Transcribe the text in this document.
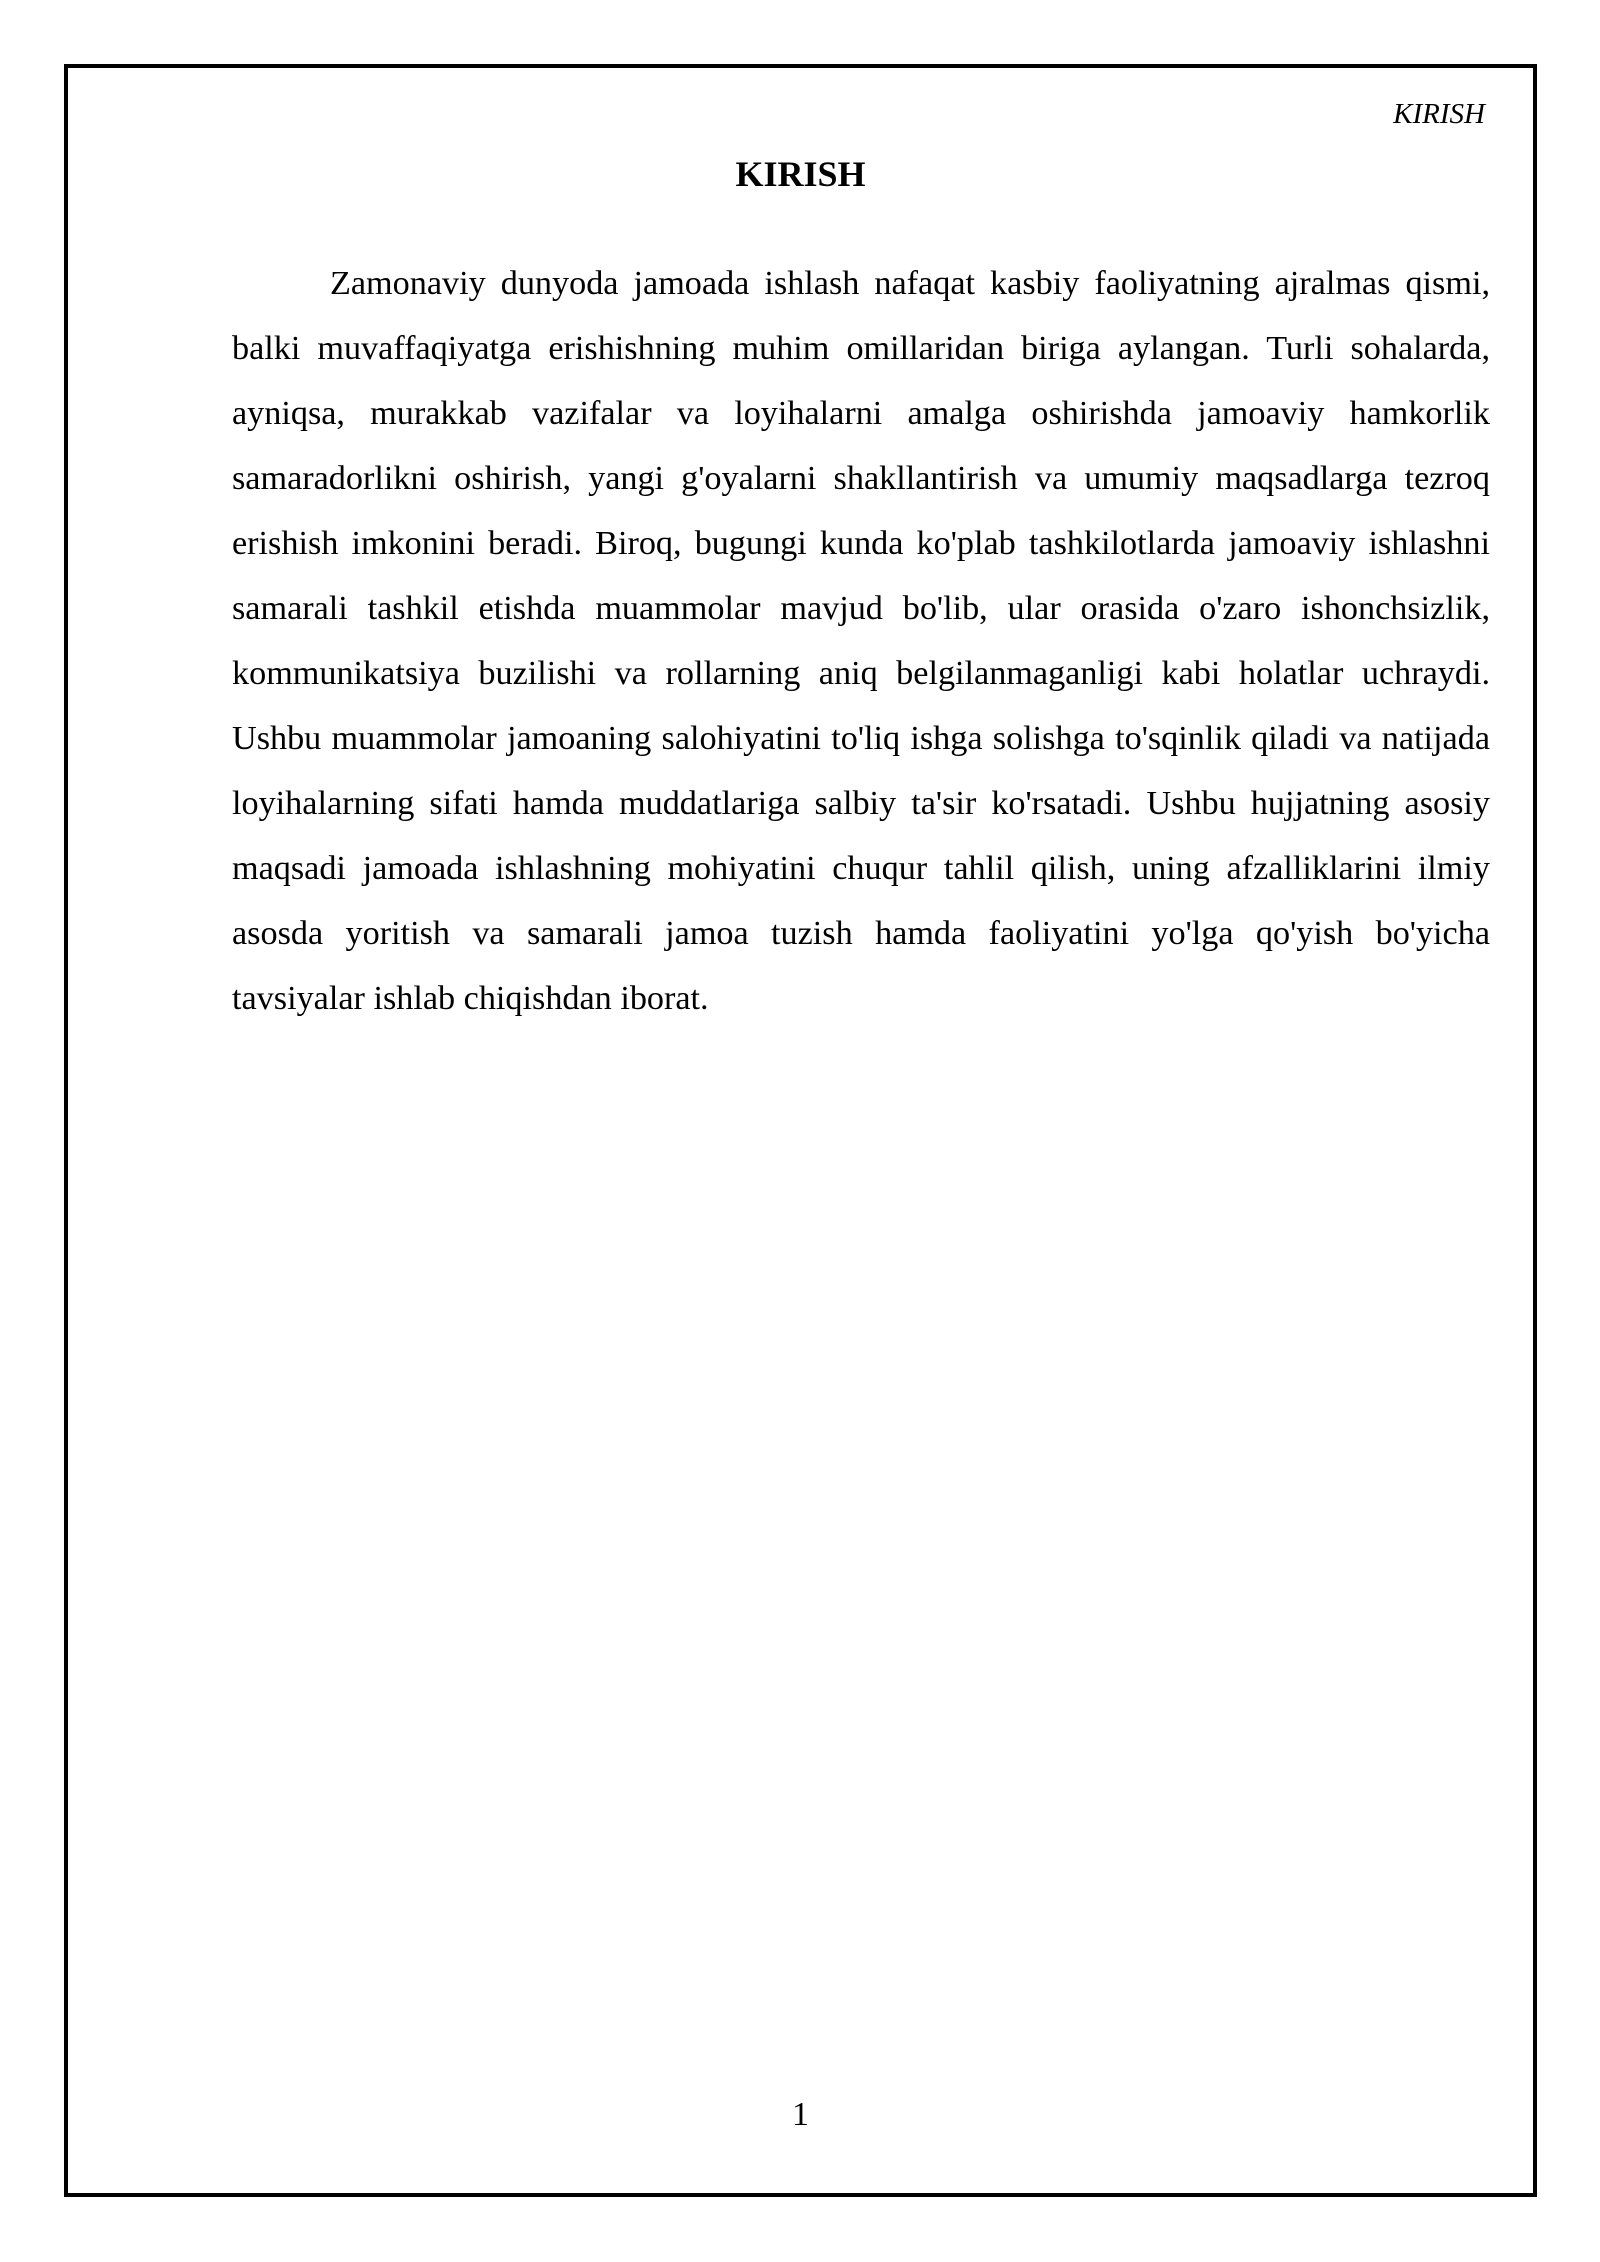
KIRISH
KIRISH

Zamonaviy dunyoda jamoada ishlash nafaqat kasbiy faoliyatning ajralmas qismi, balki muvaffaqiyatga erishishning muhim omillaridan biriga aylangan. Turli sohalarda, ayniqsa, murakkab vazifalar va loyihalarni amalga oshirishda jamoaviy hamkorlik samaradorlikni oshirish, yangi g'oyalarni shakllantirish va umumiy maqsadlarga tezroq erishish imkonini beradi. Biroq, bugungi kunda ko'plab tashkilotlarda jamoaviy ishlashni samarali tashkil etishda muammolar mavjud bo'lib, ular orasida o'zaro ishonchsizlik, kommunikatsiya buzilishi va rollarning aniq belgilanmaganligi kabi holatlar uchraydi. Ushbu muammolar jamoaning salohiyatini to'liq ishga solishga to'sqinlik qiladi va natijada loyihalarning sifati hamda muddatlariga salbiy ta'sir ko'rsatadi. Ushbu hujjatning asosiy maqsadi jamoada ishlashning mohiyatini chuqur tahlil qilish, uning afzalliklarini ilmiy asosda yoritish va samarali jamoa tuzish hamda faoliyatini yo'lga qo'yish bo'yicha tavsiyalar ishlab chiqishdan iborat.

1
